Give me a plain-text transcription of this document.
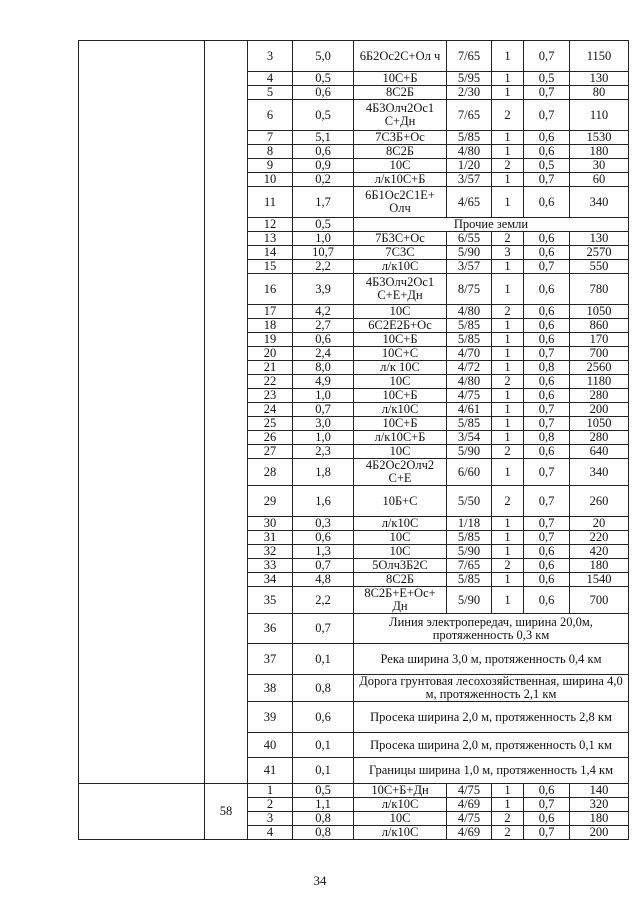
		3	5,0	6Б2Ос2С+Ол ч	7/65	1	0,7	1150
		4	0,5	10С+Б	5/95	1	0,5	130
		5	0,6	8С2Б	2/30	1	0,7	80
		6	0,5	4Б3Олч2Ос1 С+Дн	7/65	2	0,7	110
		7	5,1	7С3Б+Ос	5/85	1	0,6	1530
		8	0,6	8С2Б	4/80	1	0,6	180
		9	0,9	10С	1/20	2	0,5	30
		10	0,2	л/к10С+Б	3/57	1	0,7	60
		11	1,7	6Б1Ос2С1Е+ Олч	4/65	1	0,6	340
		12	0,5	Прочие земли				
		13	1,0	7Б3С+Ос	6/55	2	0,6	130
		14	10,7	7С3С	5/90	3	0,6	2570
		15	2,2	л/к10С	3/57	1	0,7	550
		16	3,9	4Б3Олч2Ос1 С+Е+Дн	8/75	1	0,6	780
		17	4,2	10С	4/80	2	0,6	1050
		18	2,7	6С2Е2Б+Ос	5/85	1	0,6	860
		19	0,6	10С+Б	5/85	1	0,6	170
		20	2,4	10С+С	4/70	1	0,7	700
		21	8,0	л/к 10С	4/72	1	0,8	2560
		22	4,9	10С	4/80	2	0,6	1180
		23	1,0	10С+Б	4/75	1	0,6	280
		24	0,7	л/к10С	4/61	1	0,7	200
		25	3,0	10С+Б	5/85	1	0,7	1050
		26	1,0	л/к10С+Б	3/54	1	0,8	280
		27	2,3	10С	5/90	2	0,6	640
		28	1,8	4Б2Ос2Олч2 С+Е	6/60	1	0,7	340
		29	1,6	10Б+С	5/50	2	0,7	260
		30	0,3	л/к10С	1/18	1	0,7	20
		31	0,6	10С	5/85	1	0,7	220
		32	1,3	10С	5/90	1	0,6	420
		33	0,7	5Олч3Б2С	7/65	2	0,6	180
		34	4,8	8С2Б	5/85	1	0,6	1540
		35	2,2	8С2Б+Е+Ос+ Дн	5/90	1	0,6	700
		36	0,7	Линия электропередач, ширина 20,0м, протяженность 0,3 км				
		37	0,1	Река ширина 3,0 м, протяженность 0,4 км				
		38	0,8	Дорога грунтовая лесохозяйственная, ширина 4,0 м, протяженность 2,1 км				
		39	0,6	Просека ширина 2,0 м, протяженность 2,8 км				
		40	0,1	Просека ширина 2,0 м, протяженность 0,1 км				
		41	0,1	Границы ширина 1,0 м, протяженность 1,4 км				
	58	1	0,5	10С+Б+Дн	4/75	1	0,6	140
		2	1,1	л/к10С	4/69	1	0,7	320
		3	0,8	10С	4/75	2	0,6	180
		4	0,8	л/к10С	4/69	2	0,7	200
34
